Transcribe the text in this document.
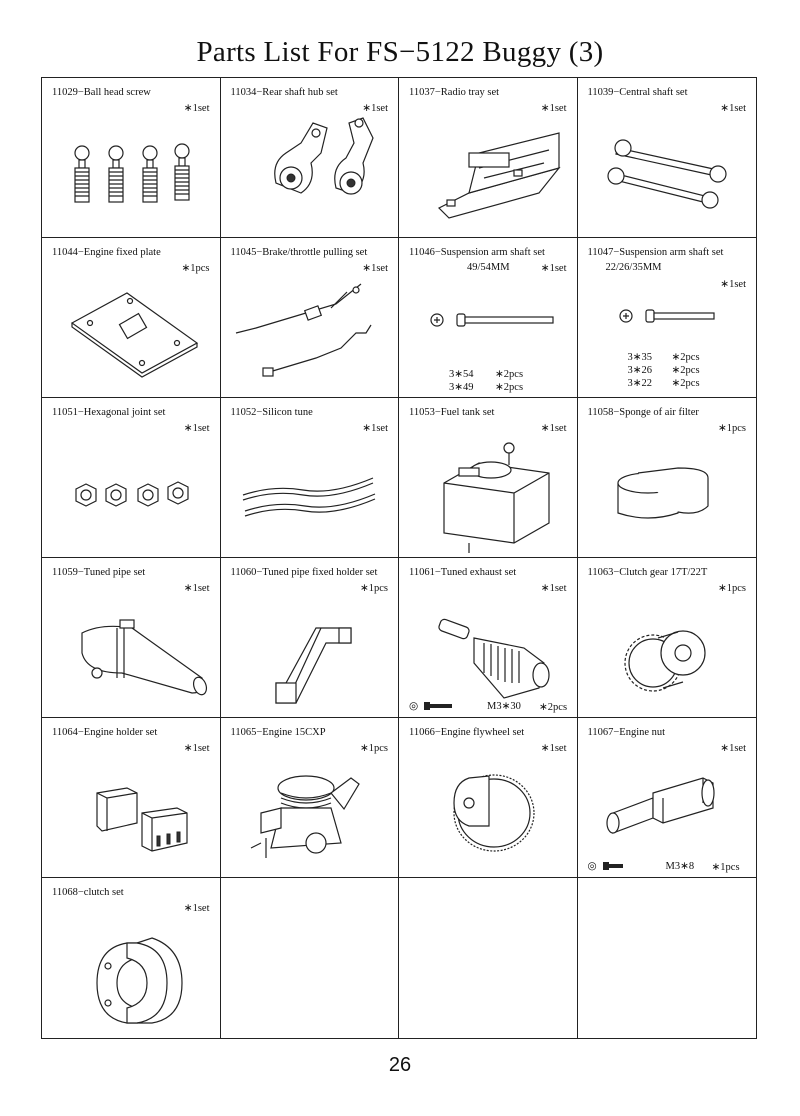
Parts List For FS−5122 Buggy (3)
11029−Ball head screw
∗1set
11034−Rear shaft hub set
∗1set
11037−Radio tray set
∗1set
11039−Central shaft set
∗1set
11044−Engine fixed plate
∗1pcs
11045−Brake/throttle pulling set
∗1set
11046−Suspension arm shaft set
49/54MM	∗1set
3∗54 ∗2pcs
3∗49 ∗2pcs
11047−Suspension arm shaft set
22/26/35MM
∗1set
3∗35 ∗2pcs
3∗26 ∗2pcs
3∗22 ∗2pcs
11051−Hexagonal joint set
∗1set
11052−Silicon tune
∗1set
11053−Fuel tank set
∗1set
11058−Sponge of air filter
∗1pcs
11059−Tuned pipe set
∗1set
11060−Tuned pipe fixed holder set
∗1pcs
11061−Tuned exhaust set
∗1set
◎	M3∗30 ∗2pcs
11063−Clutch gear 17T/22T
∗1pcs
11064−Engine holder set
∗1set
11065−Engine 15CXP
∗1pcs
11066−Engine flywheel set
∗1set
11067−Engine nut
∗1set
◎	M3∗8 ∗1pcs
11068−clutch set
∗1set
26
